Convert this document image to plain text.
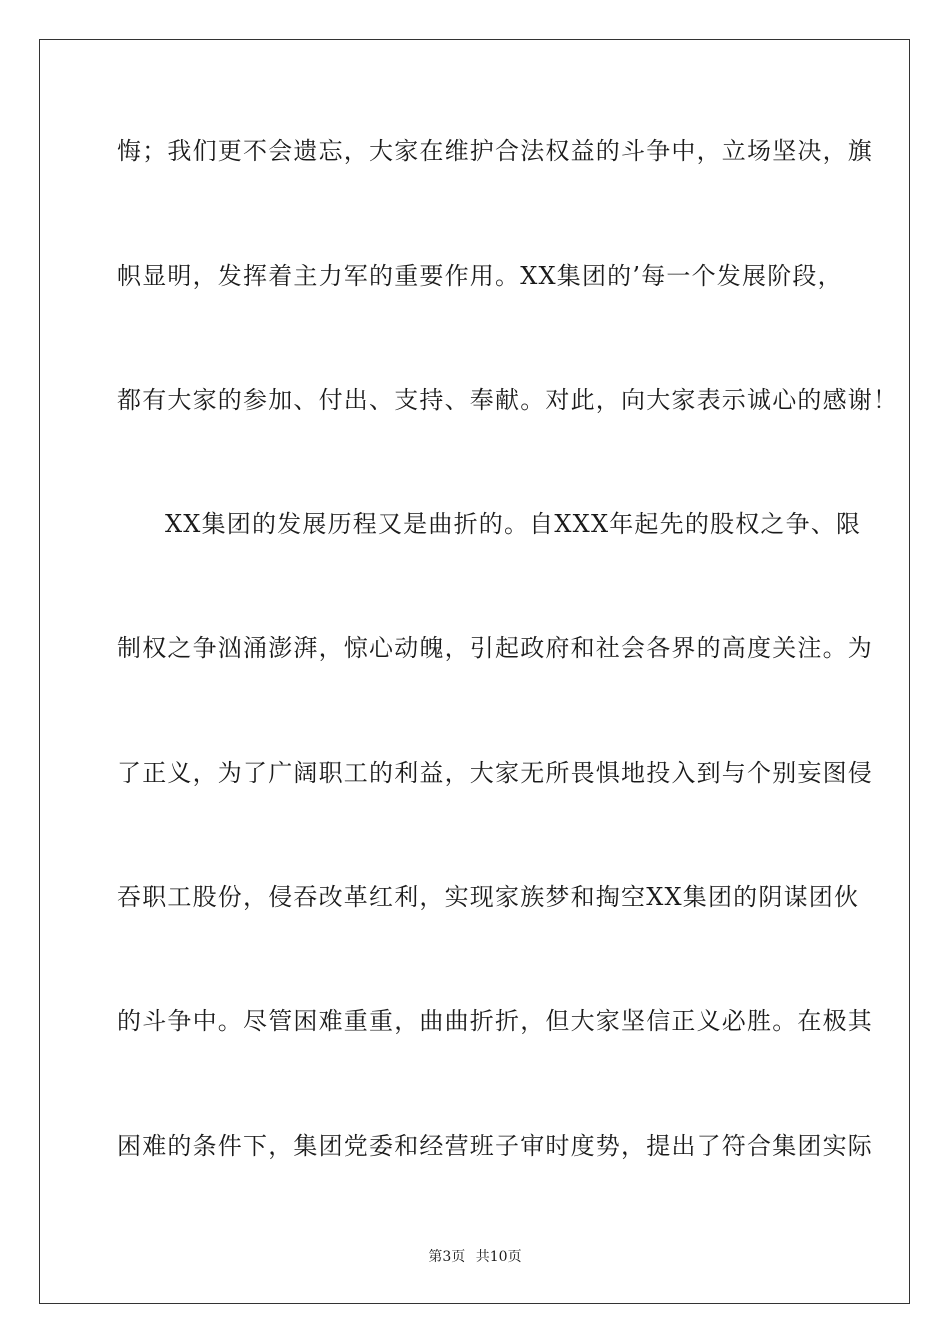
悔；我们更不会遗忘，大家在维护合法权益的斗争中，立场坚决，旗
帜显明，发挥着主力军的重要作用。XX集团的’每一个发展阶段，
都有大家的参加、付出、支持、奉献。对此，向大家表示诚心的感谢！
XX集团的发展历程又是曲折的。自XXX年起先的股权之争、限
制权之争汹涌澎湃，惊心动魄，引起政府和社会各界的高度关注。为
了正义，为了广阔职工的利益，大家无所畏惧地投入到与个别妄图侵
吞职工股份，侵吞改革红利，实现家族梦和掏空XX集团的阴谋团伙
的斗争中。尽管困难重重，曲曲折折，但大家坚信正义必胜。在极其
困难的条件下，集团党委和经营班子审时度势，提出了符合集团实际
第3页 共10页
